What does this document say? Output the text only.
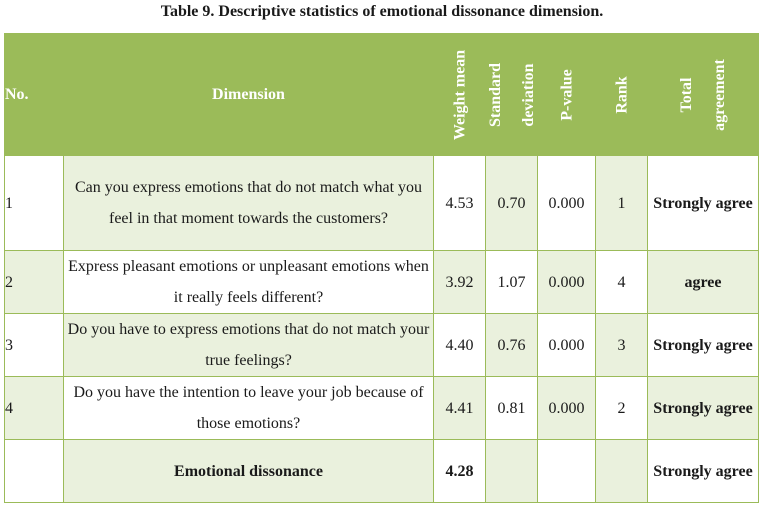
Table 9. Descriptive statistics of emotional dissonance dimension.
No.	Dimension	Weight mean	Standard deviation	P-value	Rank	Total agreement

1	Can you express emotions that do not match what you feel in that moment towards the customers?	4.53	0.70	0.000	1	Strongly agree
2	Express pleasant emotions or unpleasant emotions when it really feels different?	3.92	1.07	0.000	4	agree
3	Do you have to express emotions that do not match your true feelings?	4.40	0.76	0.000	3	Strongly agree
4	Do you have the intention to leave your job because of those emotions?	4.41	0.81	0.000	2	Strongly agree
	Emotional dissonance	4.28				Strongly agree
